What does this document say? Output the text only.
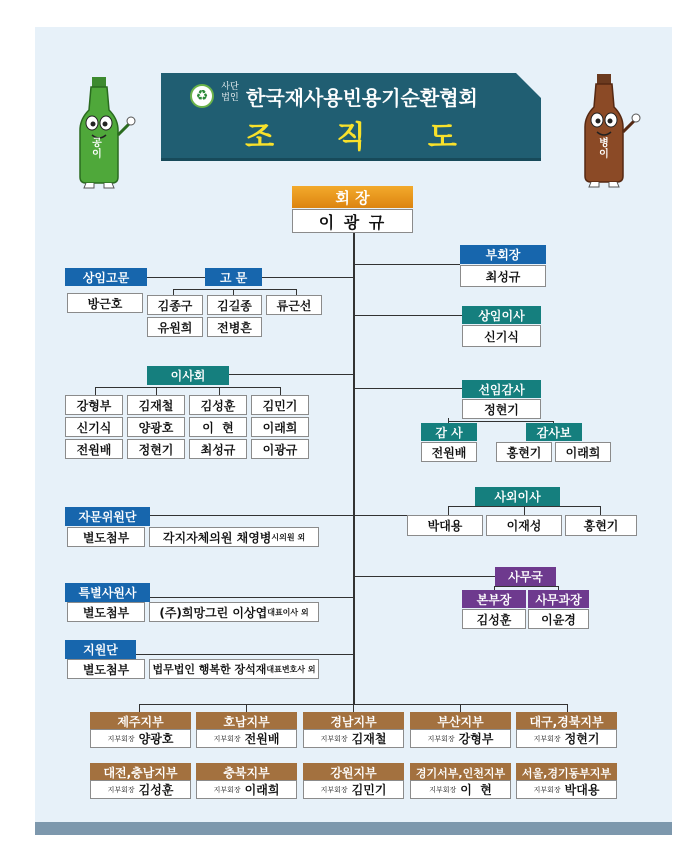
♻
사단법인 한국재사용빈용기순환협회
조 직 도
공이
병이
회 장
이 광 규
부회장
최성규
상임이사
신기식
선임감사
정현기
감 사
전원배
감사보
홍현기	이래희
사외이사
박대용	이재성	홍현기
사무국
본부장	사무과장
김성훈	이윤경
상임고문
방근호
고 문
김종구	김길종	류근선
유원희	전병흔
이사회
강형부	김재철	김성훈	김민기
신기식	양광호	이  현	이래희
전원배	정현기	최성규	이광규
자문위원단
별도첨부	각지자체의원 채영병 시의원 외
특별사원사
별도첨부	(주)희망그린 이상엽 대표이사 외
지원단
별도첨부	법무법인 행복한 장석재 대표변호사 외
제주지부
지부회장 양광호
호남지부
지부회장 전원배
경남지부
지부회장 김재철
부산지부
지부회장 강형부
대구,경북지부
지부회장 정현기
대전,충남지부
지부회장 김성훈
충북지부
지부회장 이래희
강원지부
지부회장 김민기
경기서부,인천지부
지부회장 이  현
서울,경기동부지부
지부회장 박대용
